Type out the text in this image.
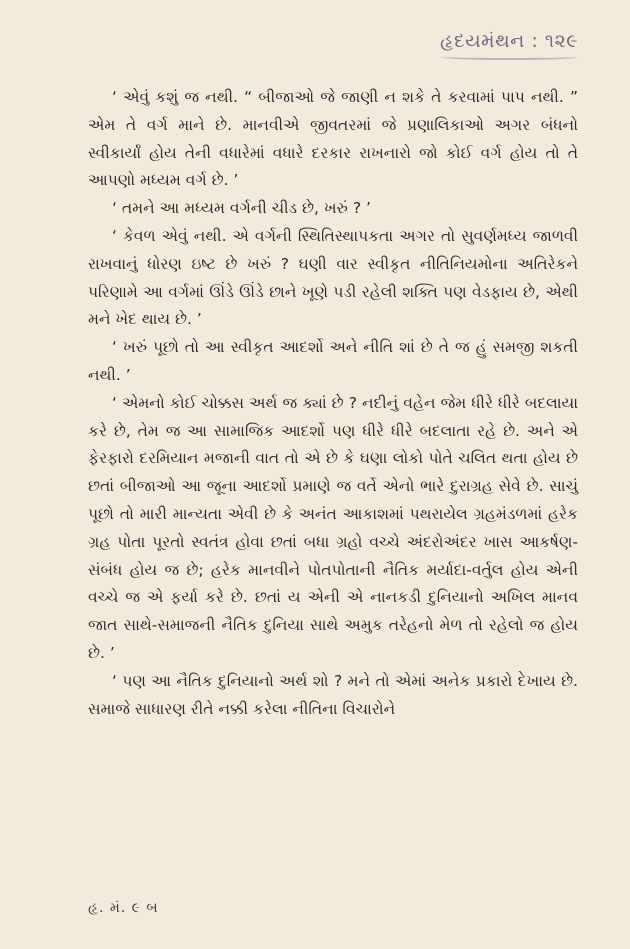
હૃદયમંથન : ૧૨૯

‘ એવું કશું જ નથી. “ બીજાઓ જે જાણી ન શકે તે કરવામાં પાપ નથી. ” એમ તે વર્ગ માને છે. માનવીએ જીવતરમાં જે પ્રણાલિકાઓ અગર બંધનો સ્વીકાર્યાં હોય તેની વધારેમાં વધારે દરકાર રાખનારો જો કોઈ વર્ગ હોય તો તે આપણો મધ્યમ વર્ગ છે. ’

‘ તમને આ મધ્યમ વર્ગની ચીડ છે, ખરું ? ’

‘ કેવળ એવું નથી. એ વર્ગની સ્થિતિસ્થાપકતા અગર તો સુવર્ણમધ્ય જાળવી રાખવાનું ધોરણ ઇષ્ટ છે ખરું ? ઘણી વાર સ્વીકૃત નીતિનિયમોના અતિરેકને પરિણામે આ વર્ગમાં ઊંડે ઊંડે છાને ખૂણે પડી રહેલી શક્તિ પણ વેડફાય છે, એથી મને ખેદ થાય છે. ’

‘ ખરું પૂછો તો આ સ્વીકૃત આદર્શો અને નીતિ શાં છે તે જ હું સમજી શકતી નથી. ’

‘ એમનો કોઈ ચોક્કસ અર્થ જ ક્યાં છે ? નદીનું વહેન જેમ ધીરે ધીરે બદલાયા કરે છે, તેમ જ આ સામાજિક આદર્શો પણ ધીરે ધીરે બદલાતા રહે છે. અને એ ફેરફારો દરમિયાન મજાની વાત તો એ છે કે ઘણા લોકો પોતે ચલિત થતા હોય છે છતાં બીજાઓ આ જૂના આદર્શો પ્રમાણે જ વર્તે એનો ભારે દુરાગ્રહ સેવે છે. સાચું પૂછો તો મારી માન્યતા એવી છે કે અનંત આકાશમાં પથરાયેલ ગ્રહમંડળમાં હરેક ગ્રહ પોતા પૂરતો સ્વતંત્ર હોવા છતાં બધા ગ્રહો વચ્ચે અંદરોઅંદર ખાસ આકર્ષણ-સંબંધ હોય જ છે; હરેક માનવીને પોતપોતાની નૈતિક મર્યાદા-વર્તુલ હોય એની વચ્ચે જ એ ફર્યા કરે છે. છતાં ય એની એ નાનકડી દુનિયાનો અખિલ માનવ જાત સાથે-સમાજની નૈતિક દુનિયા સાથે અમુક તરેહનો મેળ તો રહેલો જ હોય છે. ’

‘ પણ આ નૈતિક દુનિયાનો અર્થ શો ? મને તો એમાં અનેક પ્રકારો દેખાય છે. સમાજે સાધારણ રીતે નક્કી કરેલા નીતિના વિચારોને

હૃ. મં. ૯ બ
